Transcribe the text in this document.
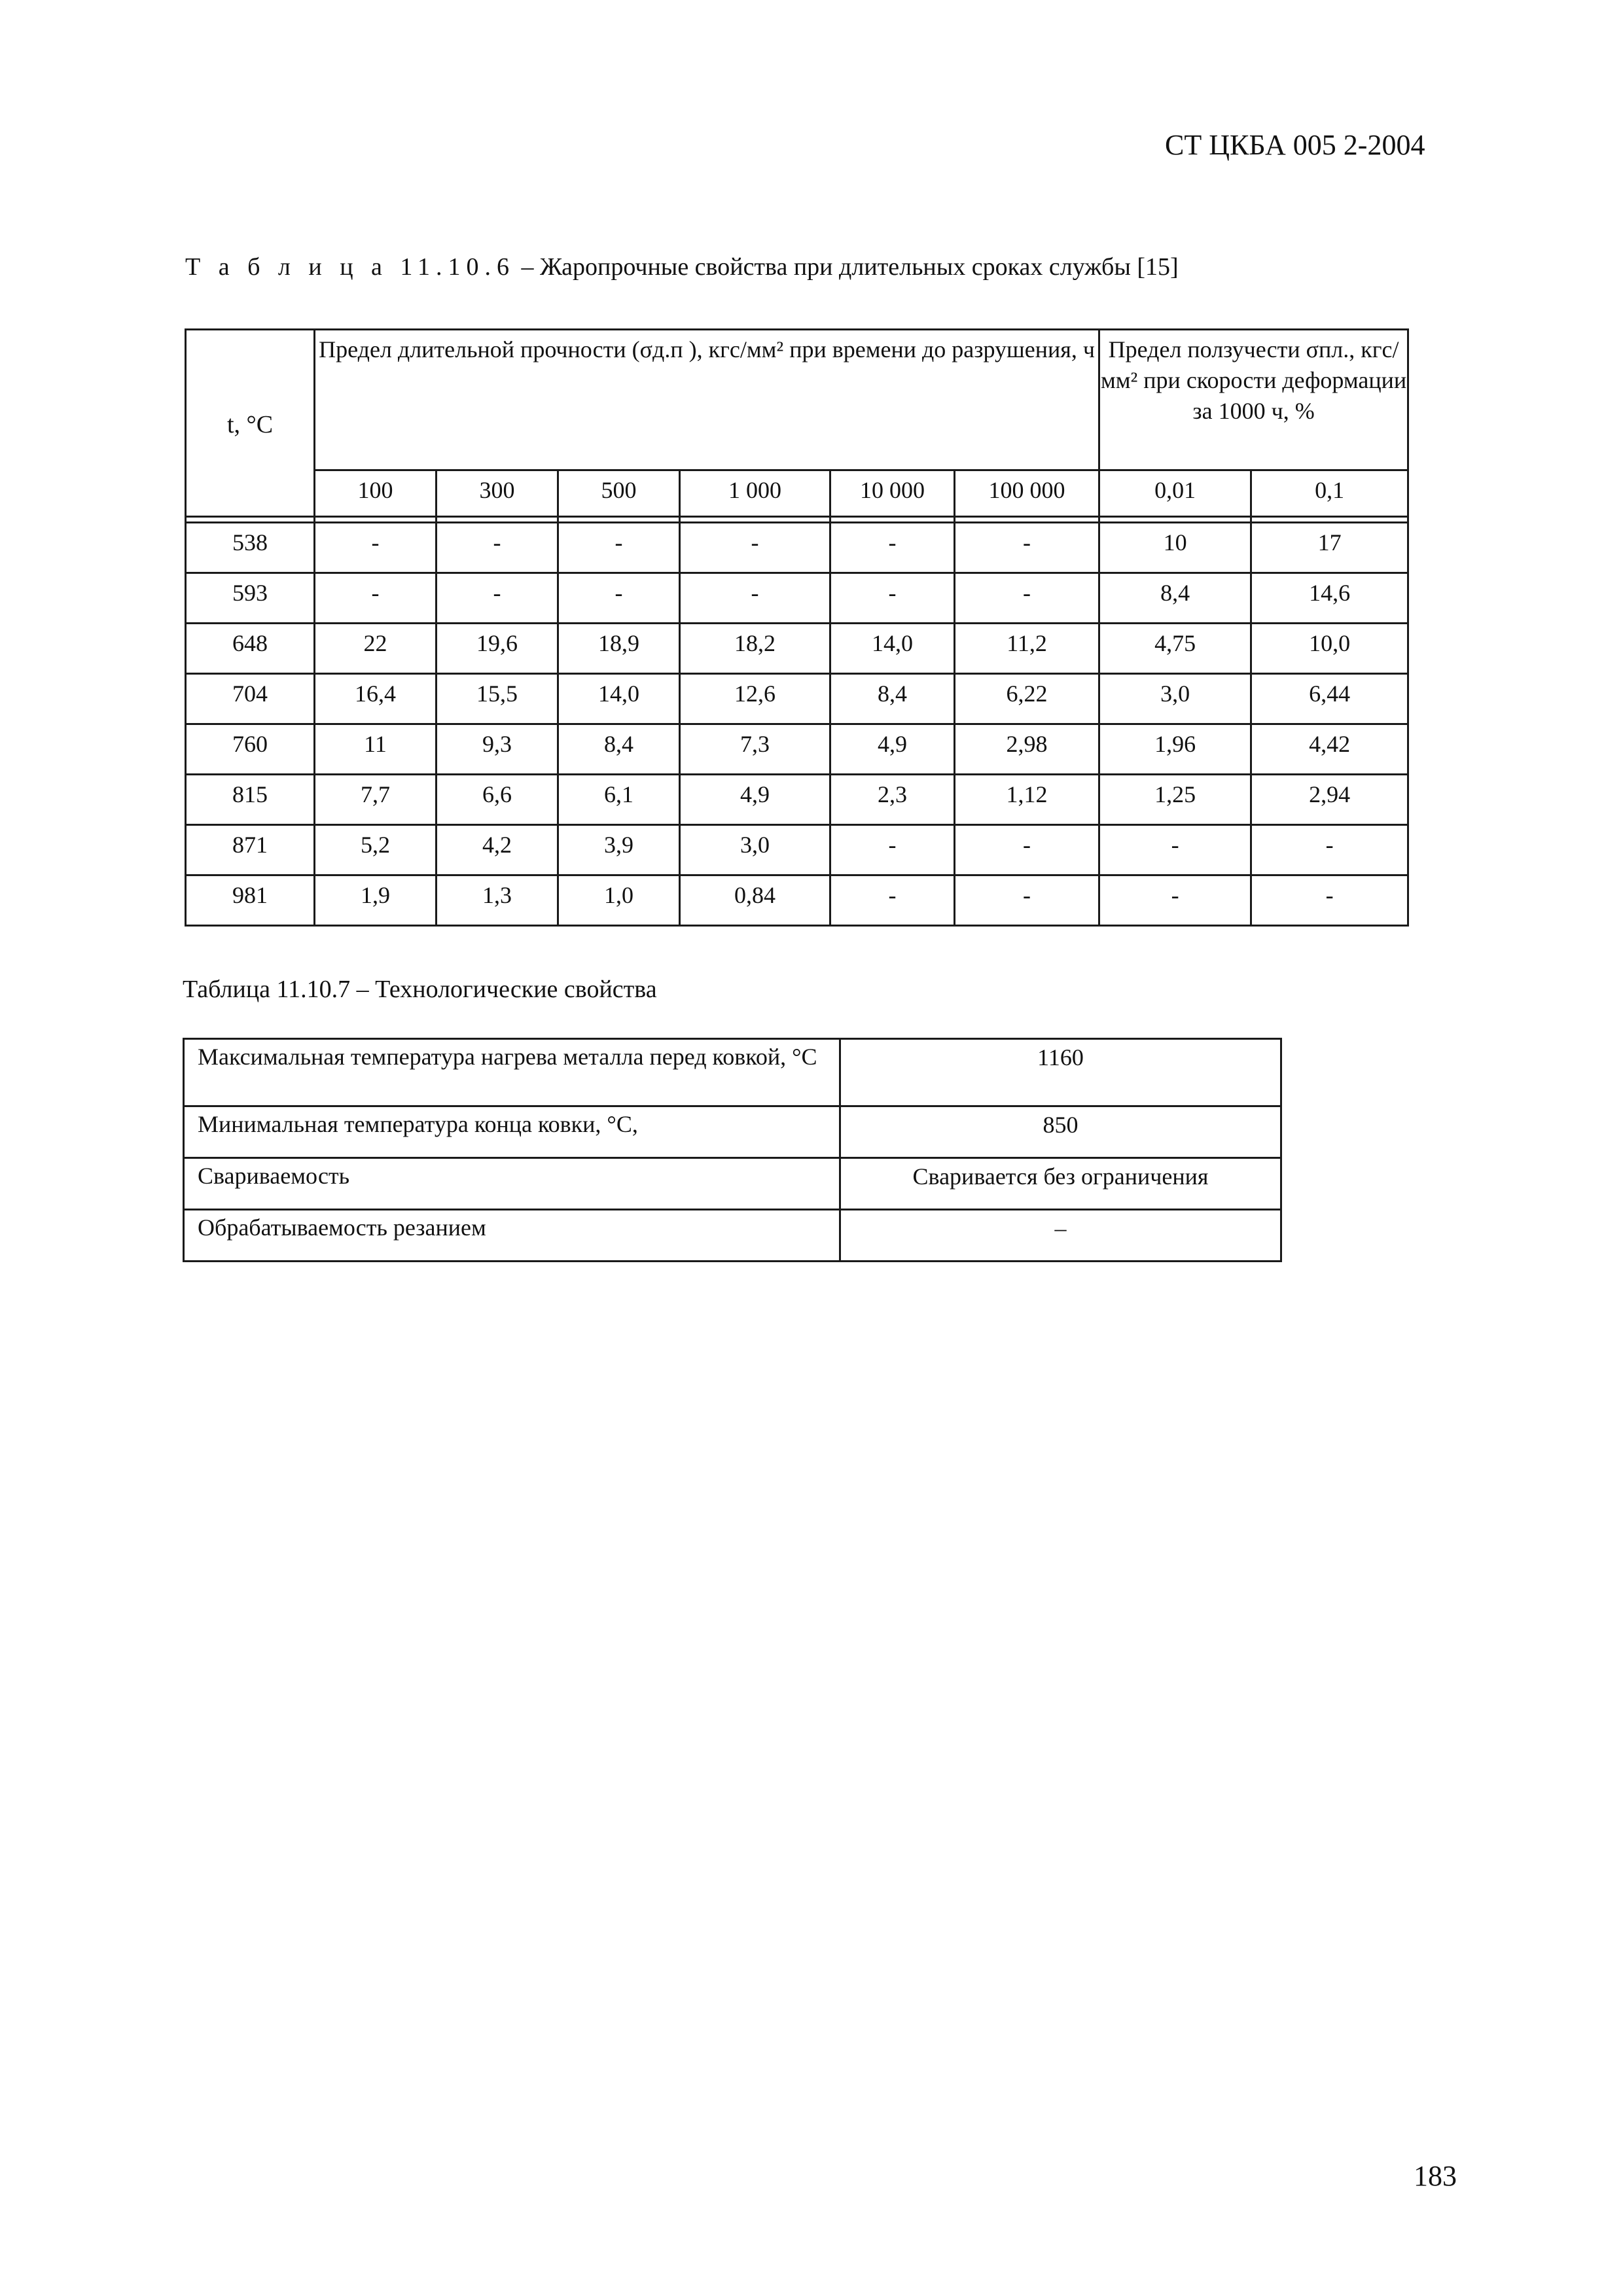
СТ ЦКБА 005 2-2004
Т а б л и ц а 11.10.6 – Жаропрочные свойства при длительных сроках службы [15]
t, °C	Предел длительной прочности (σд.п ), кгс/мм² при времени до разрушения, ч						Предел ползучести σпл., кгс/мм² при скорости деформации за 1000 ч, %	
	100	300	500	1 000	10 000	100 000	0,01	0,1

538	-	-	-	-	-	-	10	17
593	-	-	-	-	-	-	8,4	14,6
648	22	19,6	18,9	18,2	14,0	11,2	4,75	10,0
704	16,4	15,5	14,0	12,6	8,4	6,22	3,0	6,44
760	11	9,3	8,4	7,3	4,9	2,98	1,96	4,42
815	7,7	6,6	6,1	4,9	2,3	1,12	1,25	2,94
871	5,2	4,2	3,9	3,0	-	-	-	-
981	1,9	1,3	1,0	0,84	-	-	-	-
Таблица 11.10.7 – Технологические свойства
Максимальная температура нагрева металла перед ковкой, °С	1160
Минимальная температура конца ковки, °С,	850
Свариваемость	Сваривается без ограничения
Обрабатываемость резанием	–
183
